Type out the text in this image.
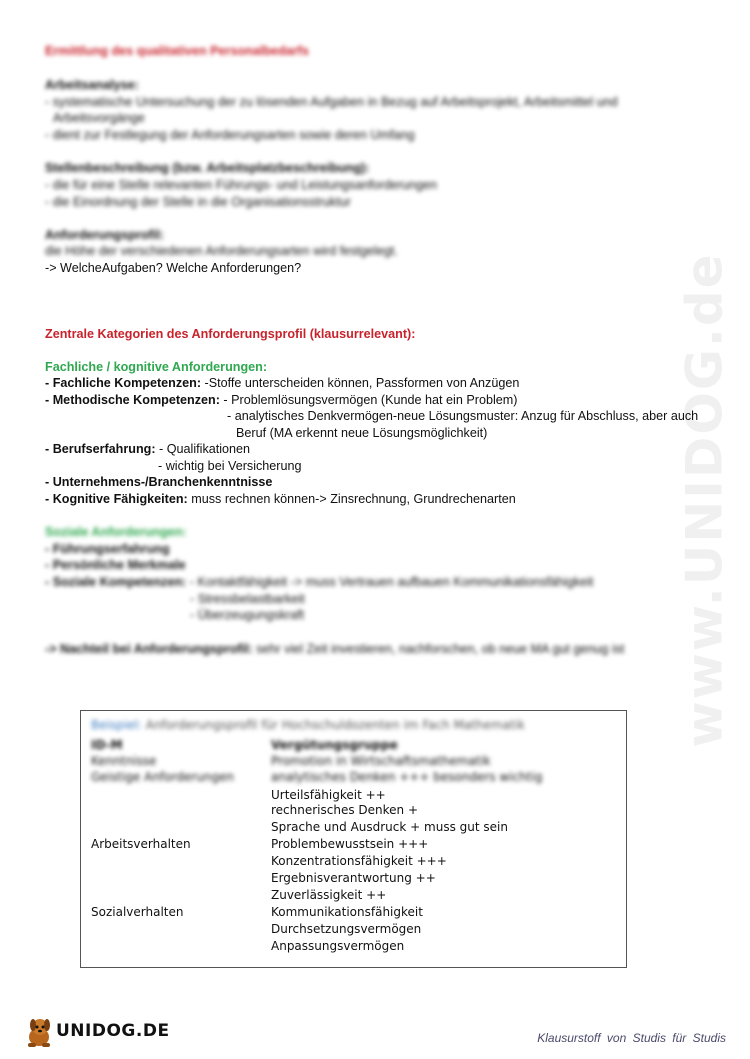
www.UNIDOG.de
Ermittlung des qualitativen Personalbedarfs
Arbeitsanalyse:
- systematische Untersuchung der zu lösenden Aufgaben in Bezug auf Arbeitsprojekt, Arbeitsmittel und
Arbeitsvorgänge
- dient zur Festlegung der Anforderungsarten sowie deren Umfang
Stellenbeschreibung (bzw. Arbeitsplatzbeschreibung):
- die für eine Stelle relevanten Führungs- und Leistungsanforderungen
- die Einordnung der Stelle in die Organisationsstruktur
Anforderungsprofil:
die Höhe der verschiedenen Anforderungsarten wird festgelegt.
-> WelcheAufgaben? Welche Anforderungen?
Zentrale Kategorien des Anforderungsprofil (klausurrelevant):
Fachliche / kognitive Anforderungen:
- Fachliche Kompetenzen: -Stoffe unterscheiden können, Passformen von Anzügen
- Methodische Kompetenzen: - Problemlösungsvermögen (Kunde hat ein Problem)
- analytisches Denkvermögen-neue Lösungsmuster: Anzug für Abschluss, aber auch
Beruf (MA erkennt neue Lösungsmöglichkeit)
- Berufserfahrung: - Qualifikationen
- wichtig bei Versicherung
- Unternehmens-/Branchenkenntnisse
- Kognitive Fähigkeiten: muss rechnen können-> Zinsrechnung, Grundrechenarten
Soziale Anforderungen:
- Führungserfahrung
- Persönliche Merkmale
- Soziale Kompetenzen: - Kontaktfähigkeit -> muss Vertrauen aufbauen Kommunikationsfähigkeit
- Stressbelastbarkeit
- Überzeugungskraft
-> Nachteil bei Anforderungsprofil: sehr viel Zeit investieren, nachforschen, ob neue MA gut genug ist
Beispiel: Anforderungsprofil für Hochschuldozenten im Fach Mathematik
ID-M	Vergütungsgruppe
Kenntnisse	Promotion in Wirtschaftsmathematik
Geistige Anforderungen	analytisches Denken +++ besonders wichtig
Urteilsfähigkeit ++
rechnerisches Denken +
Sprache und Ausdruck + muss gut sein
Arbeitsverhalten	Problembewusstsein +++
Konzentrationsfähigkeit +++
Ergebnisverantwortung ++
Zuverlässigkeit ++
Sozialverhalten	Kommunikationsfähigkeit
Durchsetzungsvermögen
Anpassungsvermögen
UNIDOG.DE	Klausurstoff von Studis für Studis
